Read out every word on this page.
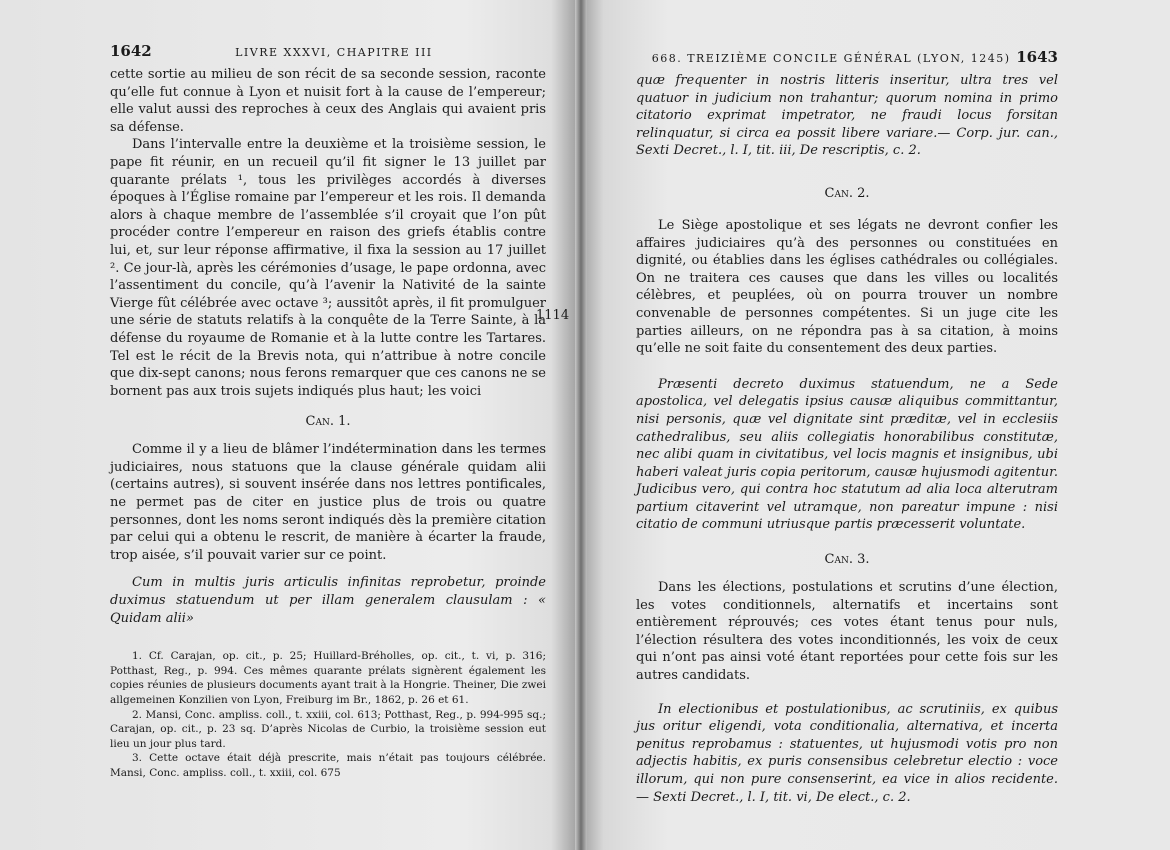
1642	LIVRE XXXVI, CHAPITRE III

cette sortie au milieu de son récit de sa seconde session, raconte qu’elle fut connue à Lyon et nuisit fort à la cause de l’empereur; elle valut aussi des reproches à ceux des Anglais qui avaient pris sa défense.

Dans l’intervalle entre la deuxième et la troisième session, le pape fit réunir, en un recueil qu’il fit signer le 13 juillet par quarante prélats ¹, tous les privilèges accordés à diverses époques à l’Église romaine par l’empereur et les rois. Il demanda alors à chaque membre de l’assemblée s’il croyait que l’on pût procéder contre l’empereur en raison des griefs établis contre lui, et, sur leur réponse affirmative, il fixa la session au 17 juillet ². Ce jour-là, après les cérémonies d’usage, le pape ordonna, avec l’assentiment du concile, qu’à l’avenir la Nativité de la sainte Vierge fût célébrée avec octave ³; aussitôt après, il fit promulguer une série de statuts relatifs à la conquête de la Terre Sainte, à la défense du royaume de Romanie et à la lutte contre les Tartares. Tel est le récit de la Brevis nota, qui n’attribue à notre concile que dix-sept canons; nous ferons remarquer que ces canons ne se bornent pas aux trois sujets indiqués plus haut; les voici

Can. 1.

Comme il y a lieu de blâmer l’indétermination dans les termes judiciaires, nous statuons que la clause générale quidam alii (certains autres), si souvent insérée dans nos lettres pontificales, ne permet pas de citer en justice plus de trois ou quatre personnes, dont les noms seront indiqués dès la première citation par celui qui a obtenu le rescrit, de manière à écarter la fraude, trop aisée, s’il pouvait varier sur ce point.

Cum in multis juris articulis infinitas reprobetur, proinde duximus statuendum ut per illam generalem clausulam : « Quidam alii»

1. Cf. Carajan, op. cit., p. 25; Huillard-Bréholles, op. cit., t. vi, p. 316; Potthast, Reg., p. 994. Ces mêmes quarante prélats signèrent également les copies réunies de plusieurs documents ayant trait à la Hongrie. Theiner, Die zwei allgemeinen Konzilien von Lyon, Freiburg im Br., 1862, p. 26 et 61.

2. Mansi, Conc. ampliss. coll., t. xxiii, col. 613; Potthast, Reg., p. 994-995 sq.; Carajan, op. cit., p. 23 sq. D’après Nicolas de Curbio, la troisième session eut lieu un jour plus tard.

3. Cette octave était déjà prescrite, mais n’était pas toujours célébrée. Mansi, Conc. ampliss. coll., t. xxiii, col. 675

1114
668. TREIZIÈME CONCILE GÉNÉRAL (LYON, 1245) 1643

quæ frequenter in nostris litteris inseritur, ultra tres vel quatuor in judicium non trahantur; quorum nomina in primo citatorio exprimat impetrator, ne fraudi locus forsitan relinquatur, si circa ea possit libere variare.— Corp. jur. can., Sexti Decret., l. I, tit. iii, De rescriptis, c. 2.

Can. 2.

Le Siège apostolique et ses légats ne devront confier les affaires judiciaires qu’à des personnes ou constituées en dignité, ou établies dans les églises cathédrales ou collégiales. On ne traitera ces causes que dans les villes ou localités célèbres, et peuplées, où on pourra trouver un nombre convenable de personnes compétentes. Si un juge cite les parties ailleurs, on ne répondra pas à sa citation, à moins qu’elle ne soit faite du consentement des deux parties.

Præsenti decreto duximus statuendum, ne a Sede apostolica, vel delegatis ipsius causæ aliquibus committantur, nisi personis, quæ vel dignitate sint præditæ, vel in ecclesiis cathedralibus, seu aliis collegiatis honorabilibus constitutæ, nec alibi quam in civitatibus, vel locis magnis et insignibus, ubi haberi valeat juris copia peritorum, causæ hujusmodi agitentur. Judicibus vero, qui contra hoc statutum ad alia loca alterutram partium citaverint vel utramque, non pareatur impune : nisi citatio de communi utriusque partis præcesserit voluntate.

Can. 3.

Dans les élections, postulations et scrutins d’une élection, les votes conditionnels, alternatifs et incertains sont entièrement réprouvés; ces votes étant tenus pour nuls, l’élection résultera des votes inconditionnés, les voix de ceux qui n’ont pas ainsi voté étant reportées pour cette fois sur les autres candidats.

In electionibus et postulationibus, ac scrutiniis, ex quibus jus oritur eligendi, vota conditionalia, alternativa, et incerta penitus reprobamus : statuentes, ut hujusmodi votis pro non adjectis habitis, ex puris consensibus celebretur electio : voce illorum, qui non pure consenserint, ea vice in alios recidente. — Sexti Decret., l. I, tit. vi, De elect., c. 2.
